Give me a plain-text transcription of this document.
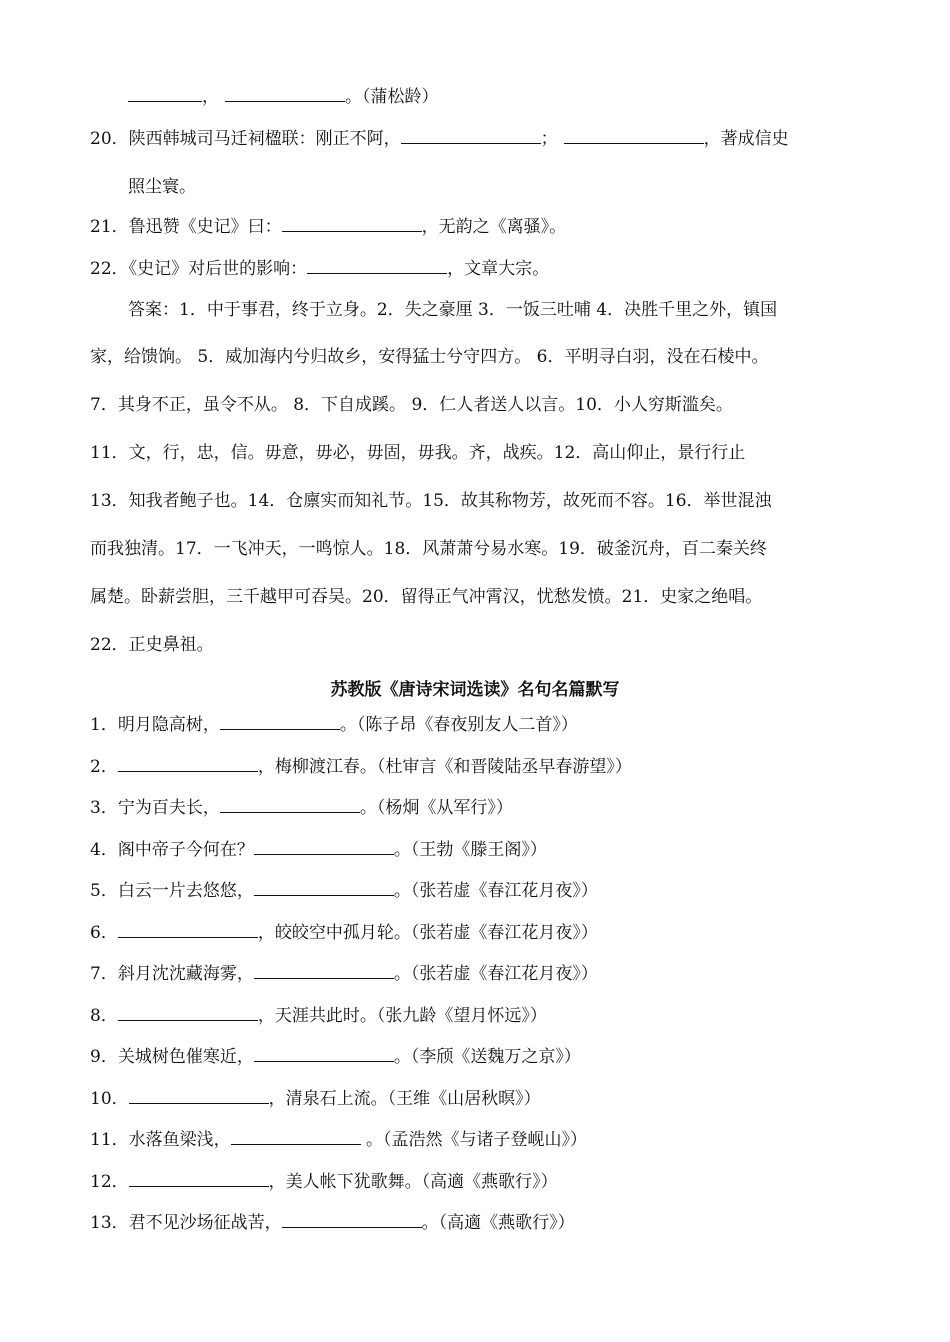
，	。（蒲松龄）
20．陕西韩城司马迁祠楹联：刚正不阿，	；	，著成信史
照尘寰。
21．鲁迅赞《史记》曰：	，无韵之《离骚》。
22．《史记》对后世的影响：	，文章大宗。
答案：1．中于事君，终于立身。2．失之豪厘 3．一饭三吐哺 4．决胜千里之外，镇国
家，给馈饷。 5．威加海内兮归故乡，安得猛士兮守四方。 6．平明寻白羽，没在石棱中。
7．其身不正，虽令不从。 8．下自成蹊。 9．仁人者送人以言。10．小人穷斯滥矣。
11．文，行，忠，信。毋意，毋必，毋固，毋我。齐，战疾。12．高山仰止，景行行止
13．知我者鲍子也。14．仓廪实而知礼节。15．故其称物芳，故死而不容。16．举世混浊
而我独清。17．一飞冲天，一鸣惊人。18．风萧萧兮易水寒。19．破釜沉舟，百二秦关终
属楚。卧薪尝胆，三千越甲可吞吴。20．留得正气冲霄汉，忧愁发愤。21．史家之绝唱。
22．正史鼻祖。
苏教版《唐诗宋词选读》名句名篇默写
1．明月隐高树，	。（陈子昂《春夜别友人二首》）
2．	，梅柳渡江春。（杜审言《和晋陵陆丞早春游望》）
3．宁为百夫长，	。（杨炯《从军行》）
4．阁中帝子今何在？	。（王勃《滕王阁》）
5．白云一片去悠悠，	。（张若虚《春江花月夜》）
6．	，皎皎空中孤月轮。（张若虚《春江花月夜》）
7．斜月沈沈藏海雾，	。（张若虚《春江花月夜》）
8．	，天涯共此时。（张九龄《望月怀远》）
9．关城树色催寒近，	。（李颀《送魏万之京》）
10．	，清泉石上流。（王维《山居秋暝》）
11．水落鱼梁浅，	。（孟浩然《与诸子登岘山》）
12．	，美人帐下犹歌舞。（高適《燕歌行》）
13．君不见沙场征战苦，	。（高適《燕歌行》）
